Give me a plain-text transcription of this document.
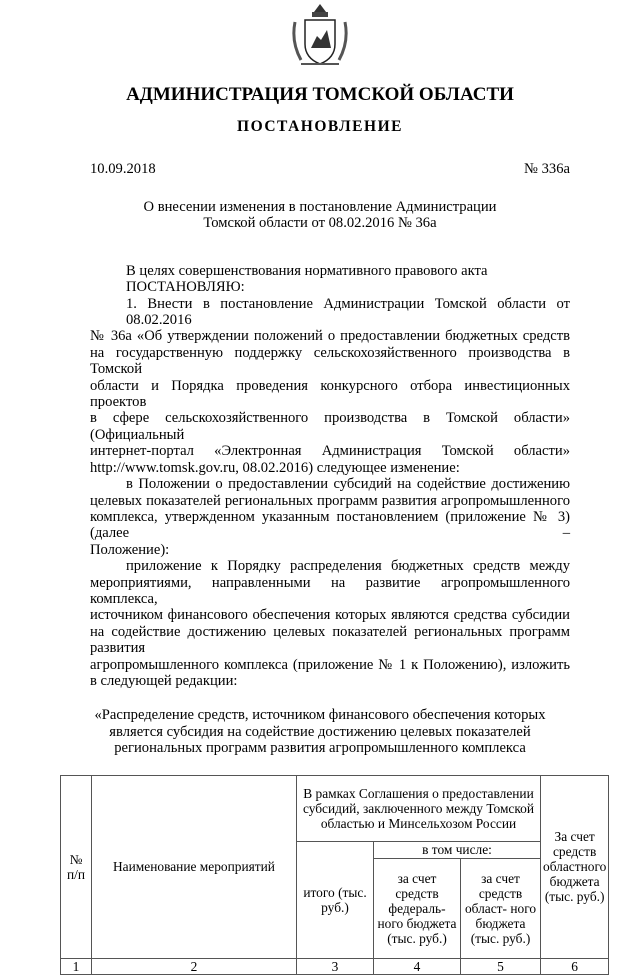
АДМИНИСТРАЦИЯ ТОМСКОЙ ОБЛАСТИ
ПОСТАНОВЛЕНИЕ
10.09.2018	№ 336а
О внесении изменения в постановление Администрации
Томской области от 08.02.2016 № 36а
В целях совершенствования нормативного правового акта
ПОСТАНОВЛЯЮ:
1. Внести в постановление Администрации Томской области от 08.02.2016
№ 36а «Об утверждении положений о предоставлении бюджетных средств
на государственную поддержку сельскохозяйственного производства в Томской
области и Порядка проведения конкурсного отбора инвестиционных проектов
в сфере сельскохозяйственного производства в Томской области» (Официальный
интернет-портал «Электронная Администрация Томской области»
http://www.tomsk.gov.ru, 08.02.2016) следующее изменение:
в Положении о предоставлении субсидий на содействие достижению
целевых показателей региональных программ развития агропромышленного
комплекса, утвержденном указанным постановлением (приложение № 3) (далее –
Положение):
приложение к Порядку распределения бюджетных средств между
мероприятиями, направленными на развитие агропромышленного комплекса,
источником финансового обеспечения которых являются средства субсидии
на содействие достижению целевых показателей региональных программ развития
агропромышленного комплекса (приложение № 1 к Положению), изложить
в следующей редакции:
«Распределение средств, источником финансового обеспечения которых
является субсидия на содействие достижению целевых показателей
региональных программ развития агропромышленного комплекса
№ п/п	Наименование мероприятий	В рамках Соглашения о предоставлении субсидий, заключенного между Томской областью и Минсельхозом России			За счет средств областного бюджета (тыс. руб.)
		итого (тыс. руб.)	в том числе:		
			за счет средств федераль- ного бюджета (тыс. руб.)	за счет средств област- ного бюджета (тыс. руб.)	
1	2	3	4	5	6
